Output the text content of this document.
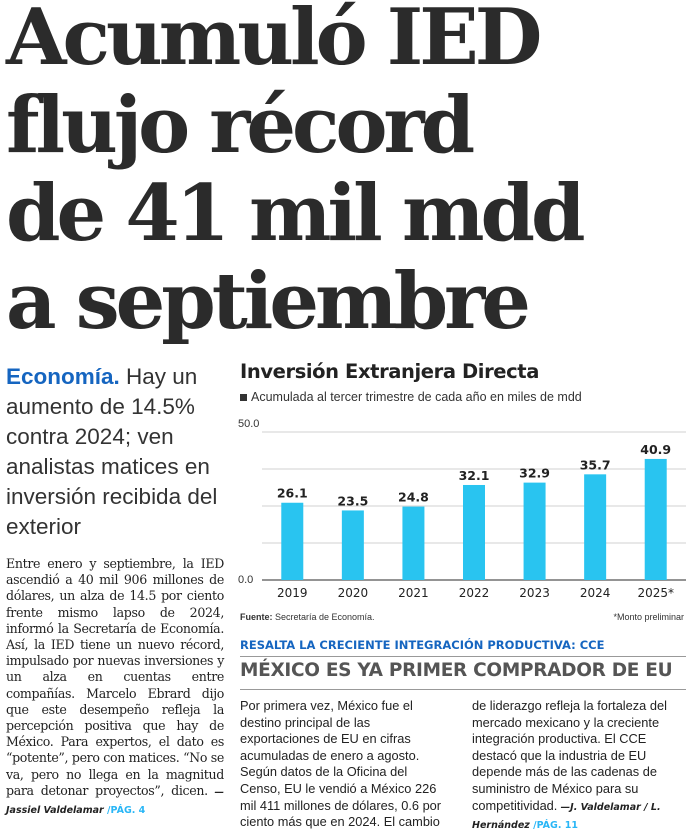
Acumuló IED
flujo récord
de 41 mil mdd
a septiembre
Economía. Hay un aumento de 14.5% contra 2024; ven analistas matices en inversión recibida del exterior
Entre enero y septiembre, la IED ascendió a 40 mil 906 millones de dólares, un alza de 14.5 por ciento frente mismo lapso de 2024, informó la Secretaría de Economía. Así, la IED tiene un nuevo récord, impulsado por nuevas inversiones y un alza en cuentas entre compañías. Marcelo Ebrard dijo que este desempeño refleja la percepción positiva que hay de México. Para expertos, el dato es “potente”, pero con matices. “No se va, pero no llega en la magnitud para detonar proyectos”, dicen. —Jassiel Valdelamar /PÁG. 4
Inversión Extranjera Directa
Acumulada al tercer trimestre de cada año en miles de mdd
26.1
23.5 24.8
32.1 32.9
35.7
40.9
2019	2020	2021	2022	2023	2024 2025*
50.0
0.0
Fuente: Secretaría de Economía.	*Monto preliminar
RESALTA LA CRECIENTE INTEGRACIÓN PRODUCTIVA: CCE
MÉXICO ES YA PRIMER COMPRADOR DE EU
Por primera vez, México fue el destino principal de las exportaciones de EU en cifras acumuladas de enero a agosto. Según datos de la Oficina del Censo, EU le vendió a México 226 mil 411 millones de dólares, 0.6 por ciento más que en 2024. El cambio
de liderazgo refleja la fortaleza del mercado mexicano y la creciente integración productiva. El CCE destacó que la industria de EU depende más de las cadenas de suministro de México para su competitividad. —J. Valdelamar / L. Hernández /PÁG. 11
